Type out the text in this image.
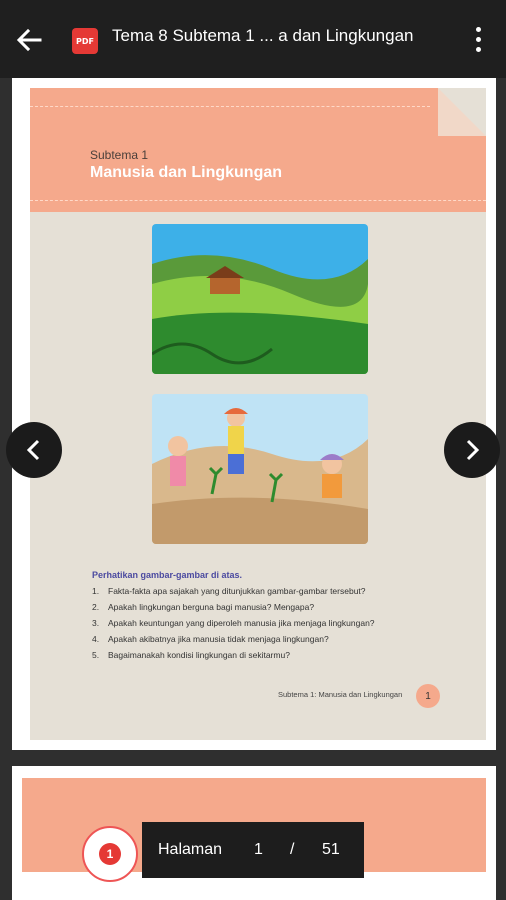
PDF Tema 8 Subtema 1 ... a dan Lingkungan
Subtema 1
Manusia dan Lingkungan
Perhatikan gambar-gambar di atas.
1.	Fakta-fakta apa sajakah yang ditunjukkan gambar-gambar tersebut?
2.	Apakah lingkungan berguna bagi manusia? Mengapa?
3.	Apakah keuntungan yang diperoleh manusia jika menjaga lingkungan?
4.	Apakah akibatnya jika manusia tidak menjaga lingkungan?
5.	Bagaimanakah kondisi lingkungan di sekitarmu?
Subtema 1: Manusia dan Lingkungan	1
1	Halaman 1 / 51
